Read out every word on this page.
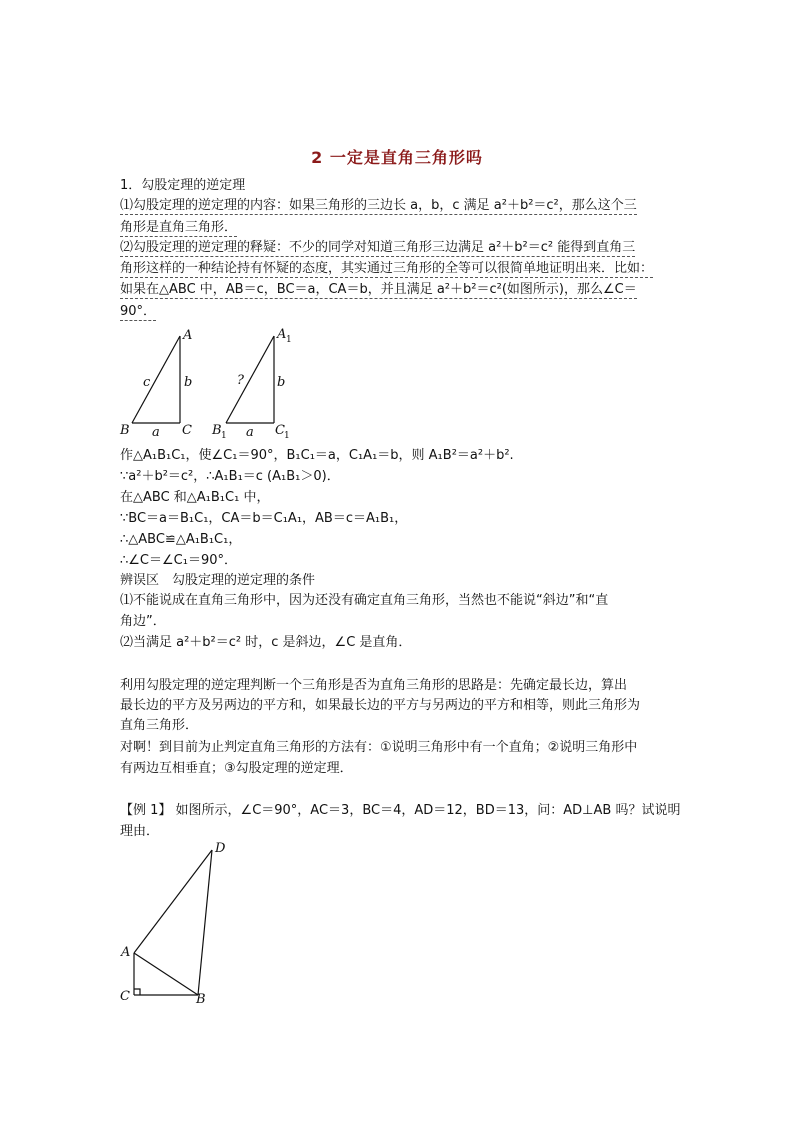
2 一定是直角三角形吗
1．勾股定理的逆定理
⑴勾股定理的逆定理的内容：如果三角形的三边长 a，b，c 满足 a²＋b²＝c²，那么这个三
角形是直角三角形．
⑵勾股定理的逆定理的释疑：不少的同学对知道三角形三边满足 a²＋b²＝c² 能得到直角三
角形这样的一种结论持有怀疑的态度，其实通过三角形的全等可以很简单地证明出来．比如：
如果在△ABC 中，AB＝c，BC＝a，CA＝b，并且满足 a²＋b²＝c²(如图所示)，那么∠C＝
90°．
A
B	C
a
b
c
A 1
B 1	C 1
a
b
?
作△A₁B₁C₁，使∠C₁＝90°，B₁C₁＝a，C₁A₁＝b，则 A₁B²＝a²＋b².
∵a²＋b²＝c²，∴A₁B₁＝c (A₁B₁＞0)．
在△ABC 和△A₁B₁C₁ 中，
∵BC＝a＝B₁C₁，CA＝b＝C₁A₁，AB＝c＝A₁B₁，
∴△ABC≌△A₁B₁C₁，
∴∠C＝∠C₁＝90°．
辨误区　勾股定理的逆定理的条件
⑴不能说成在直角三角形中，因为还没有确定直角三角形，当然也不能说“斜边”和“直
角边”．
⑵当满足 a²＋b²＝c² 时，c 是斜边，∠C 是直角．
利用勾股定理的逆定理判断一个三角形是否为直角三角形的思路是：先确定最长边，算出
最长边的平方及另两边的平方和，如果最长边的平方与另两边的平方和相等，则此三角形为
直角三角形．
对啊！到目前为止判定直角三角形的方法有：①说明三角形中有一个直角；②说明三角形中
有两边互相垂直；③勾股定理的逆定理．
【例 1】 如图所示，∠C＝90°，AC＝3，BC＝4，AD＝12，BD＝13，问：AD⊥AB 吗？试说明
理由．
D
A
C	B
